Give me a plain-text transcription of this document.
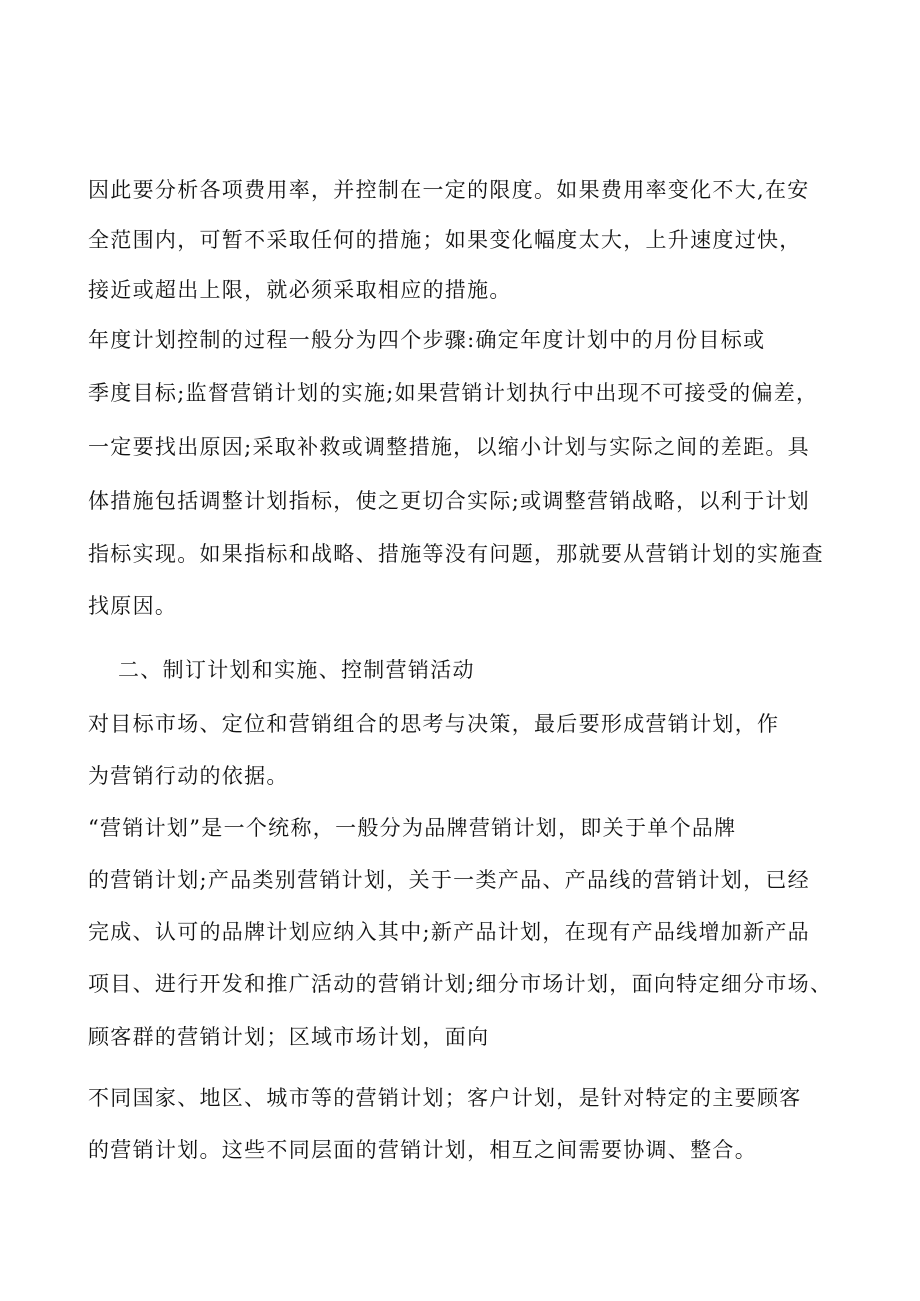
因此要分析各项费用率，并控制在一定的限度。如果费用率变化不大,在安
全范围内，可暂不采取任何的措施；如果变化幅度太大，上升速度过快，
接近或超出上限，就必须采取相应的措施。
年度计划控制的过程一般分为四个步骤:确定年度计划中的月份目标或
季度目标;监督营销计划的实施;如果营销计划执行中出现不可接受的偏差，
一定要找出原因;采取补救或调整措施，以缩小计划与实际之间的差距。具
体措施包括调整计划指标，使之更切合实际;或调整营销战略，以利于计划
指标实现。如果指标和战略、措施等没有问题，那就要从营销计划的实施查
找原因。
二、制订计划和实施、控制营销活动
对目标市场、定位和营销组合的思考与决策，最后要形成营销计划，作
为营销行动的依据。
“营销计划”是一个统称，一般分为品牌营销计划，即关于单个品牌
的营销计划;产品类别营销计划，关于一类产品、产品线的营销计划，已经
完成、认可的品牌计划应纳入其中;新产品计划，在现有产品线增加新产品
项目、进行开发和推广活动的营销计划;细分市场计划，面向特定细分市场、
顾客群的营销计划；区域市场计划，面向
不同国家、地区、城市等的营销计划；客户计划，是针对特定的主要顾客
的营销计划。这些不同层面的营销计划，相互之间需要协调、整合。
